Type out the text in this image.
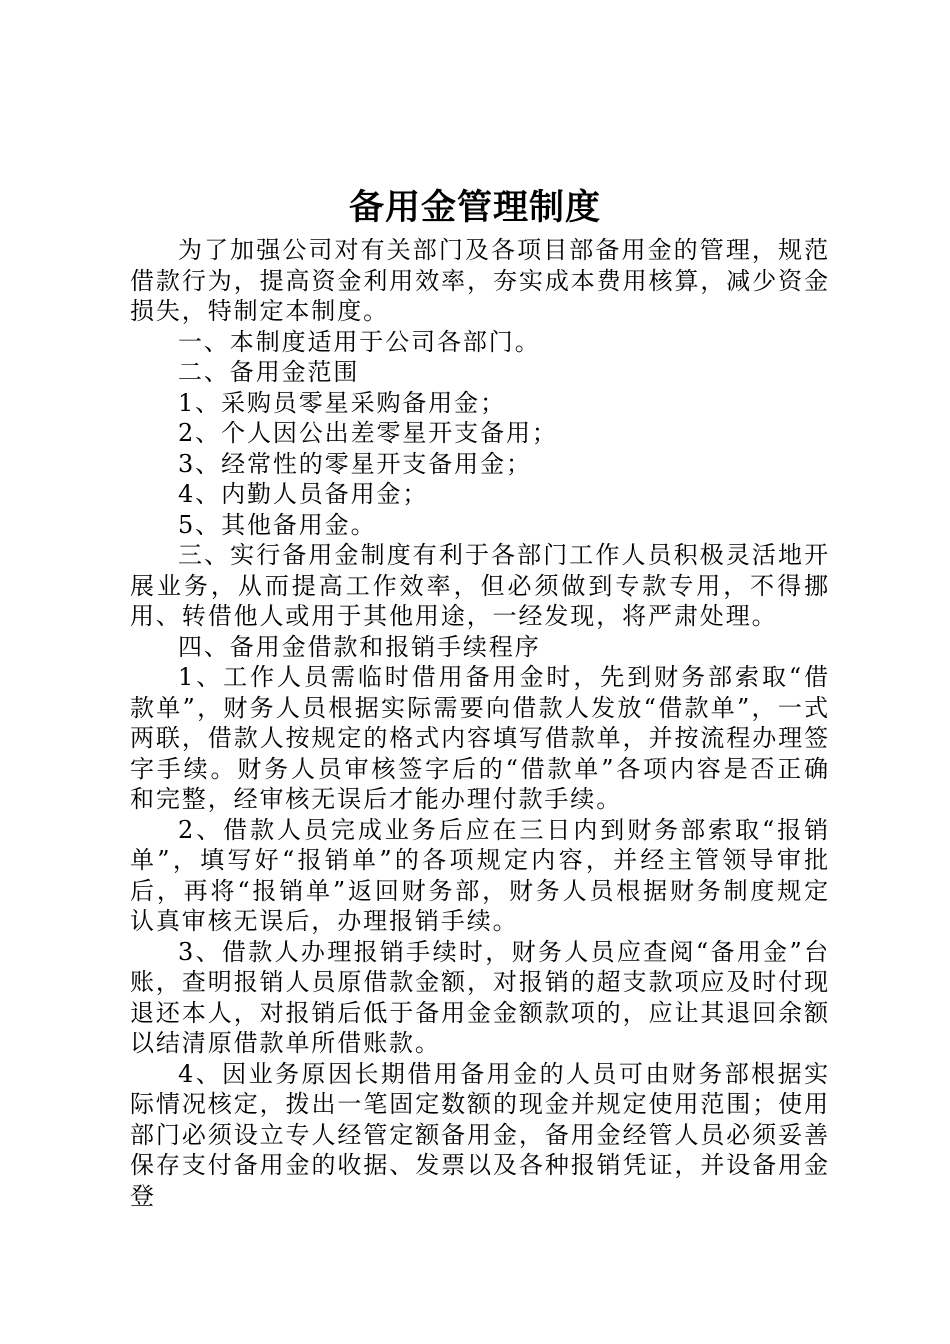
备用金管理制度

为了加强公司对有关部门及各项目部备用金的管理，规范借款行为，提高资金利用效率，夯实成本费用核算，减少资金损失，特制定本制度。

一、本制度适用于公司各部门。

二、备用金范围

1、采购员零星采购备用金；

2、个人因公出差零星开支备用；

3、经常性的零星开支备用金；

4、内勤人员备用金；

5、其他备用金。

三、实行备用金制度有利于各部门工作人员积极灵活地开展业务，从而提高工作效率，但必须做到专款专用，不得挪用、转借他人或用于其他用途，一经发现，将严肃处理。

四、备用金借款和报销手续程序

1、工作人员需临时借用备用金时，先到财务部索取“借款单”，财务人员根据实际需要向借款人发放“借款单”，一式两联，借款人按规定的格式内容填写借款单，并按流程办理签字手续。财务人员审核签字后的“借款单”各项内容是否正确和完整，经审核无误后才能办理付款手续。

2、借款人员完成业务后应在三日内到财务部索取“报销单”，填写好“报销单”的各项规定内容，并经主管领导审批后，再将“报销单”返回财务部，财务人员根据财务制度规定认真审核无误后，办理报销手续。

3、借款人办理报销手续时，财务人员应查阅“备用金”台账，查明报销人员原借款金额，对报销的超支款项应及时付现退还本人，对报销后低于备用金金额款项的，应让其退回余额以结清原借款单所借账款。

4、因业务原因长期借用备用金的人员可由财务部根据实际情况核定，拨出一笔固定数额的现金并规定使用范围；使用部门必须设立专人经管定额备用金，备用金经管人员必须妥善保存支付备用金的收据、发票以及各种报销凭证，并设备用金登
